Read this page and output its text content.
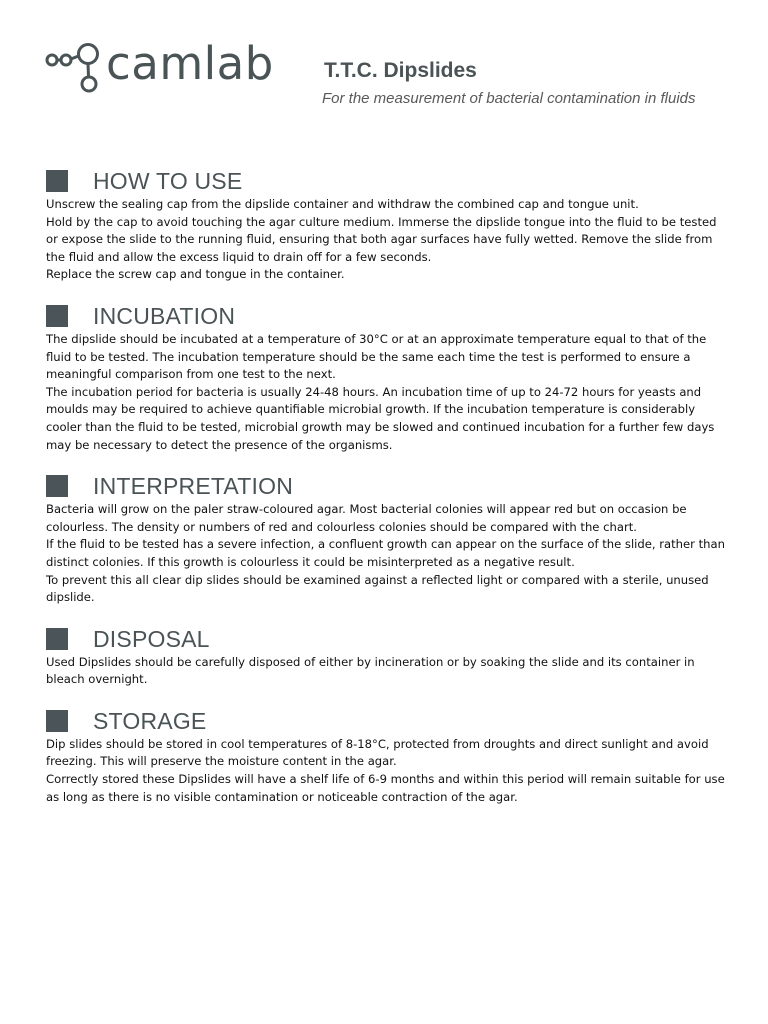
camlab T.T.C. Dipslides
For the measurement of bacterial contamination in fluids
HOW TO USE

Unscrew the sealing cap from the dipslide container and withdraw the combined cap and tongue unit.

Hold by the cap to avoid touching the agar culture medium. Immerse the dipslide tongue into the fluid to be tested or expose the slide to the running fluid, ensuring that both agar surfaces have fully wetted. Remove the slide from the fluid and allow the excess liquid to drain off for a few seconds.

Replace the screw cap and tongue in the container.

INCUBATION

The dipslide should be incubated at a temperature of 30°C or at an approximate temperature equal to that of the fluid to be tested. The incubation temperature should be the same each time the test is performed to ensure a meaningful comparison from one test to the next.

The incubation period for bacteria is usually 24-48 hours. An incubation time of up to 24-72 hours for yeasts and moulds may be required to achieve quantifiable microbial growth. If the incubation temperature is considerably cooler than the fluid to be tested, microbial growth may be slowed and continued incubation for a further few days may be necessary to detect the presence of the organisms.

INTERPRETATION

Bacteria will grow on the paler straw-coloured agar. Most bacterial colonies will appear red but on occasion be colourless. The density or numbers of red and colourless colonies should be compared with the chart.

If the fluid to be tested has a severe infection, a confluent growth can appear on the surface of the slide, rather than distinct colonies. If this growth is colourless it could be misinterpreted as a negative result.

To prevent this all clear dip slides should be examined against a reflected light or compared with a sterile, unused dipslide.

DISPOSAL

Used Dipslides should be carefully disposed of either by incineration or by soaking the slide and its container in bleach overnight.

STORAGE

Dip slides should be stored in cool temperatures of 8-18°C, protected from droughts and direct sunlight and avoid freezing. This will preserve the moisture content in the agar.

Correctly stored these Dipslides will have a shelf life of 6-9 months and within this period will remain suitable for use as long as there is no visible contamination or noticeable contraction of the agar.
